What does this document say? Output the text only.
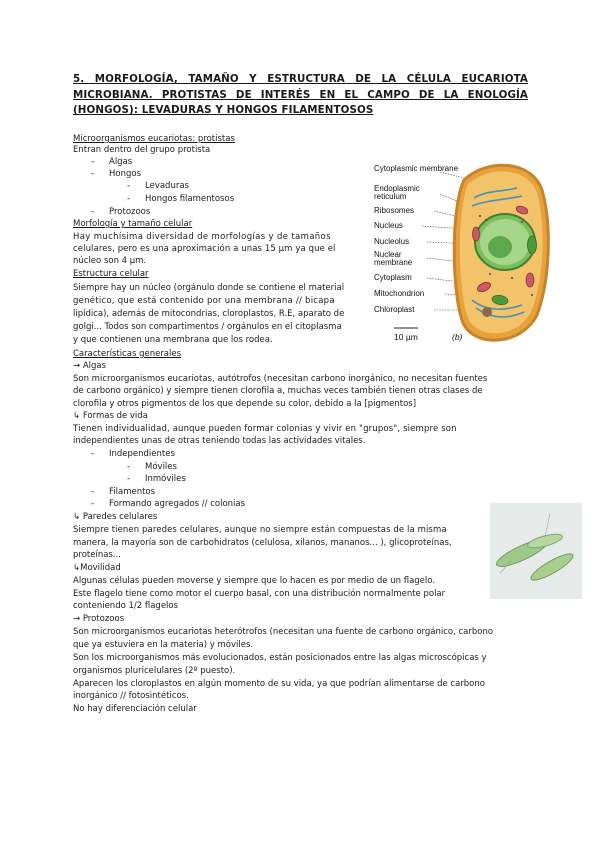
5. MORFOLOGÍA, TAMAÑO Y ESTRUCTURA DE LA CÉLULA EUCARIOTA MICROBIANA. PROTISTAS DE INTERÉS EN EL CAMPO DE LA ENOLOGÍA (HONGOS): LEVADURAS Y HONGOS FILAMENTOSOS
Microorganismos eucariotas: protistas
Entran dentro del grupo protista
- Algas
- Hongos
- Levaduras
- Hongos filamentosos
- Protozoos
Morfología y tamaño celular
Hay muchísima diversidad de morfologías y de tamaños
celulares, pero es una aproximación a unas 15 µm ya que el
núcleo son 4 µm.
Estructura celular
Siempre hay un núcleo (orgánulo donde se contiene el material
genético, que está contenido por una membrana // bicapa
lipídica), además de mitocondrias, cloroplastos, R.E, aparato de
golgi... Todos son compartimentos / orgánulos en el citoplasma
y que contienen una membrana que los rodea.
Características generales
→ Algas
Son microorganismos eucariotas, autótrofos (necesitan carbono inorgánico, no necesitan fuentes
de carbono orgánico) y siempre tienen clorofila a, muchas veces también tienen otras clases de
clorofila y otros pigmentos de los que depende su color, debido a la [pigmentos]
↳ Formas de vida
Tienen individualidad, aunque pueden formar colonias y vivir en "grupos", siempre son
independientes unas de otras teniendo todas las actividades vitales.
- Independientes
- Móviles
- Inmóviles
- Filamentos
- Formando agregados // colonias
↳ Paredes celulares
Siempre tienen paredes celulares, aunque no siempre están compuestas de la misma
manera, la mayoría son de carbohidratos (celulosa, xilanos, mananos... ), glicoproteínas,
proteínas...
↳Movilidad
Algunas células pueden moverse y siempre que lo hacen es por medio de un flagelo.
Este flagelo tiene como motor el cuerpo basal, con una distribución normalmente polar
conteniendo 1/2 flagelos
→ Protozoos
Son microorganismos eucariotas heterótrofos (necesitan una fuente de carbono orgánico, carbono
que ya estuviera en la materia) y móviles.
Son los microorganismos más evolucionados, están posicionados entre las algas microscópicas y
organismos pluricelulares (2º puesto).
Aparecen los cloroplastos en algún momento de su vida, ya que podrían alimentarse de carbono
inorgánico // fotosintéticos.
No hay diferenciación celular
Cytoplasmic membrane
Endoplasmic reticulum
Ribosomes
Nucleus
Nucleolus
Nuclear membrane
Cytoplasm
Mitochondrion
Chloroplast
10 µm	(b)
